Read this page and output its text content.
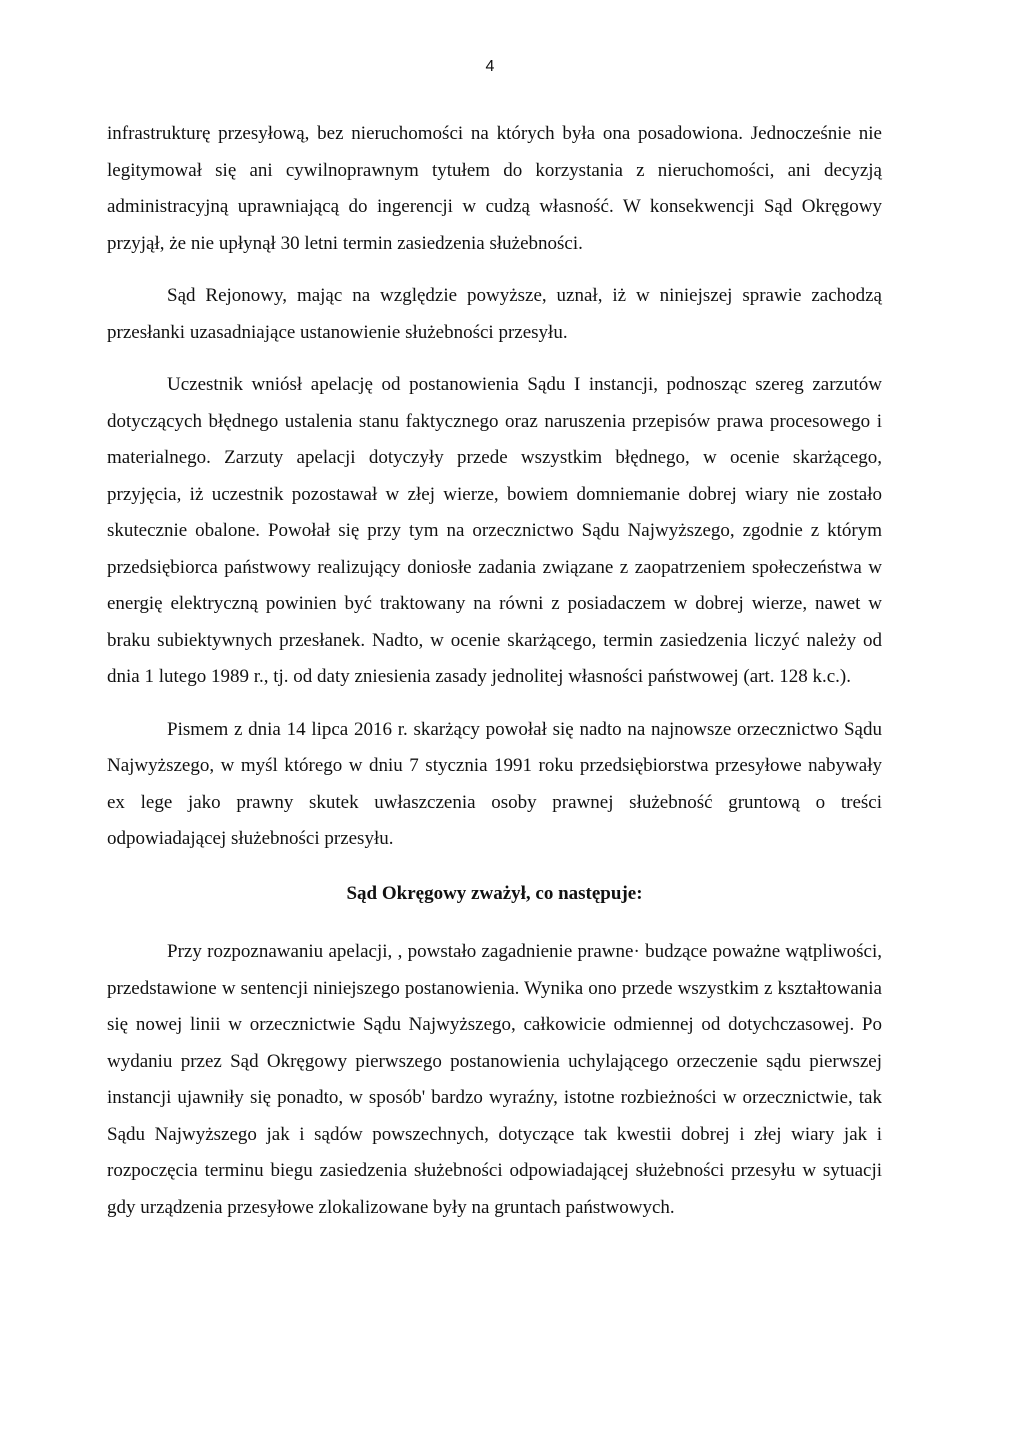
4

infrastrukturę przesyłową, bez nieruchomości na których była ona posadowiona. Jednocześnie nie legitymował się ani cywilnoprawnym tytułem do korzystania z nieruchomości, ani decyzją administracyjną uprawniającą do ingerencji w cudzą własność. W konsekwencji Sąd Okręgowy przyjął, że nie upłynął 30 letni termin zasiedzenia służebności.

Sąd Rejonowy, mając na względzie powyższe, uznał, iż w niniejszej sprawie zachodzą przesłanki uzasadniające ustanowienie służebności przesyłu.

Uczestnik wniósł apelację od postanowienia Sądu I instancji, podnosząc szereg zarzutów dotyczących błędnego ustalenia stanu faktycznego oraz naruszenia przepisów prawa procesowego i materialnego. Zarzuty apelacji dotyczyły przede wszystkim błędnego, w ocenie skarżącego, przyjęcia, iż uczestnik pozostawał w złej wierze, bowiem domniemanie dobrej wiary nie zostało skutecznie obalone. Powołał się przy tym na orzecznictwo Sądu Najwyższego, zgodnie z którym przedsiębiorca państwowy realizujący doniosłe zadania związane z zaopatrzeniem społeczeństwa w energię elektryczną powinien być traktowany na równi z posiadaczem w dobrej wierze, nawet w braku subiektywnych przesłanek. Nadto, w ocenie skarżącego, termin zasiedzenia liczyć należy od dnia 1 lutego 1989 r., tj. od daty zniesienia zasady jednolitej własności państwowej (art. 128 k.c.).

Pismem z dnia 14 lipca 2016 r. skarżący powołał się nadto na najnowsze orzecznictwo Sądu Najwyższego, w myśl którego w dniu 7 stycznia 1991 roku przedsiębiorstwa przesyłowe nabywały ex lege jako prawny skutek uwłaszczenia osoby prawnej służebność gruntową o treści odpowiadającej służebności przesyłu.

Sąd Okręgowy zważył, co następuje:

Przy rozpoznawaniu apelacji, , powstało zagadnienie prawne· budzące poważne wątpliwości, przedstawione w sentencji niniejszego postanowienia. Wynika ono przede wszystkim z kształtowania się nowej linii w orzecznictwie Sądu Najwyższego, całkowicie odmiennej od dotychczasowej. Po wydaniu przez Sąd Okręgowy pierwszego postanowienia uchylającego orzeczenie sądu pierwszej instancji ujawniły się ponadto, w sposób' bardzo wyraźny, istotne rozbieżności w orzecznictwie, tak Sądu Najwyższego jak i sądów powszechnych, dotyczące tak kwestii dobrej i złej wiary jak i rozpoczęcia terminu biegu zasiedzenia służebności odpowiadającej służebności przesyłu w sytuacji gdy urządzenia przesyłowe zlokalizowane były na gruntach państwowych.
